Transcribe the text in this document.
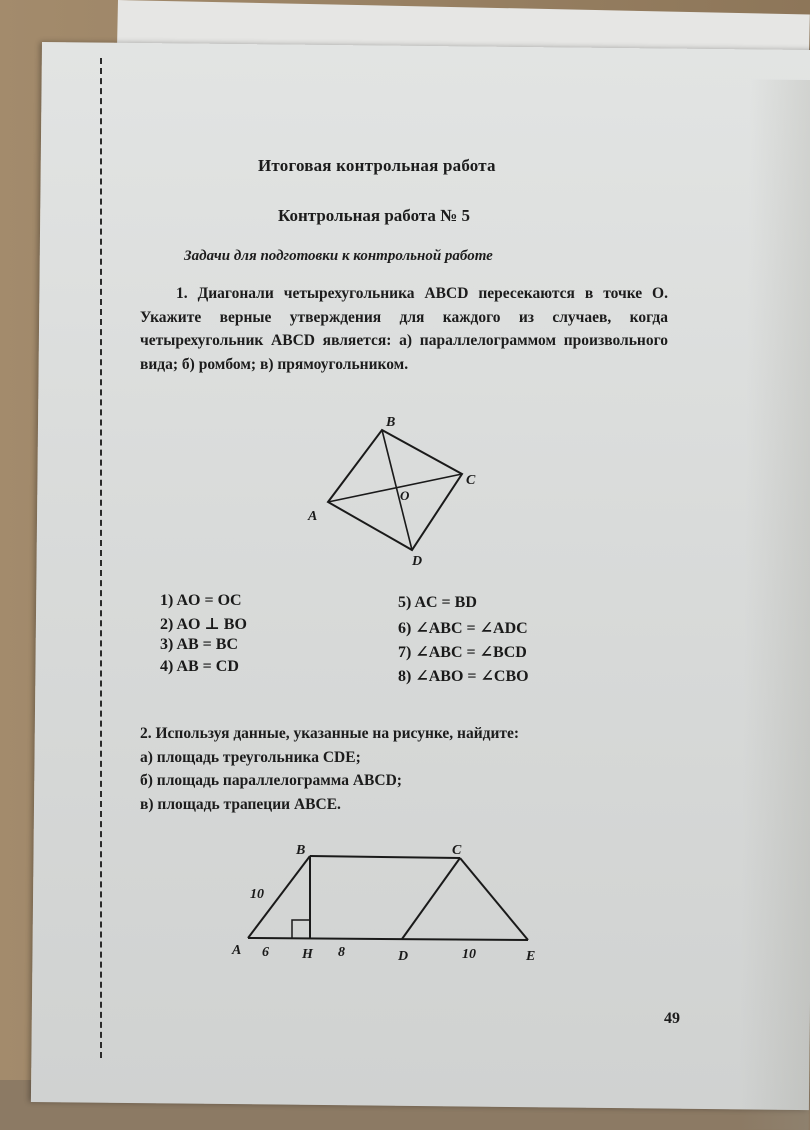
Итоговая контрольная работа
Контрольная работа № 5
Задачи для подготовки к контрольной работе
1. Диагонали четырехугольника ABCD пересекаются в точке O. Укажите верные утверждения для каждого из случаев, когда четырехугольник ABCD является: а) параллелограммом произвольного вида; б) ромбом; в) прямоугольником.
B
C
A
D
O
1) AO = OC
2) AO ⊥ BO
3) AB = BC
4) AB = CD
5) AC = BD
6) ∠ABC = ∠ADC
7) ∠ABC = ∠BCD
8) ∠ABO = ∠CBO
2. Используя данные, указанные на рисунке, найдите:
а) площадь треугольника CDE;
б) площадь параллелограмма ABCD;
в) площадь трапеции ABCE.
B	C
A	H	D	E
10
6	8	10
49
